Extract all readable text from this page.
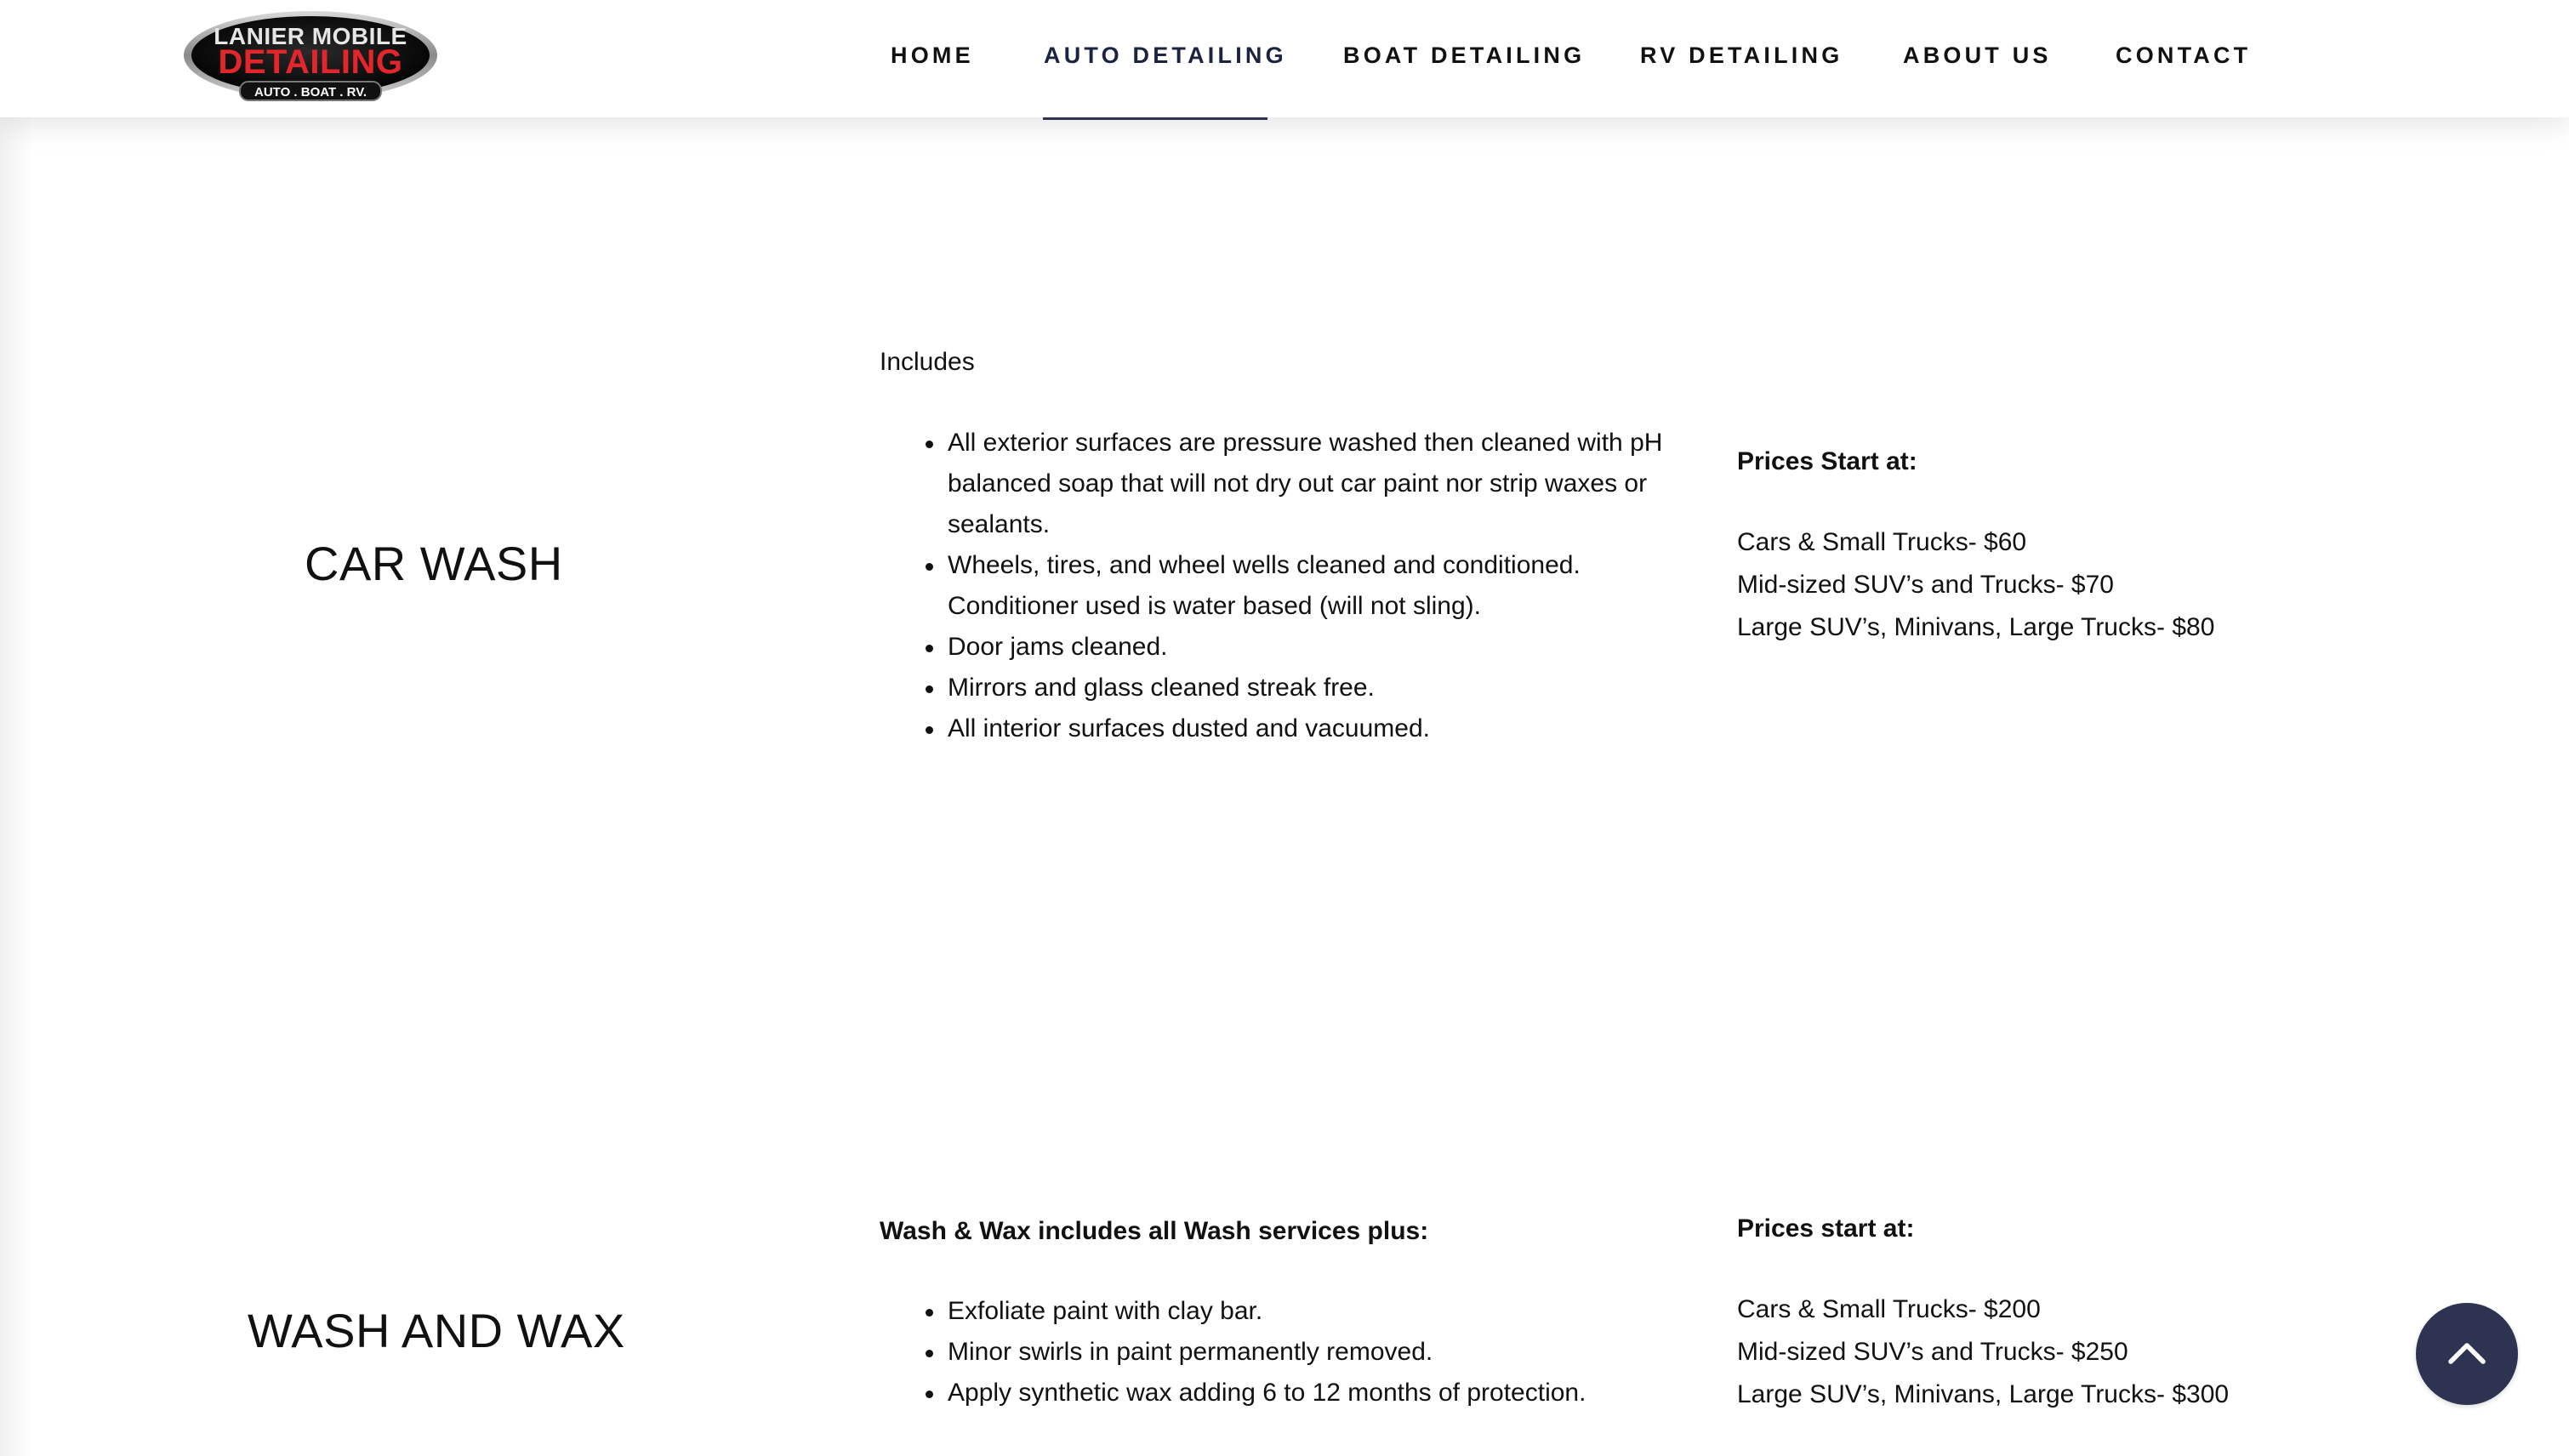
LANIER MOBILE
DETAILING
AUTO . BOAT . RV.
HOME	AUTO DETAILING BOAT DETAILING RV DETAILING	ABOUT US	CONTACT
CAR WASH

Includes

All exterior surfaces are pressure washed then cleaned with pH balanced soap that will not dry out car paint nor strip waxes or sealants.
Wheels, tires, and wheel wells cleaned and conditioned. Conditioner used is water based (will not sling).
Door jams cleaned.
Mirrors and glass cleaned streak free.
All interior surfaces dusted and vacuumed.

Prices Start at:

Cars & Small Trucks- $60
Mid-sized SUV’s and Trucks- $70
Large SUV’s, Minivans, Large Trucks- $80
WASH AND WAX

Wash & Wax includes all Wash services plus:

Exfoliate paint with clay bar.
Minor swirls in paint permanently removed.
Apply synthetic wax adding 6 to 12 months of protection.

Prices start at:

Cars & Small Trucks- $200
Mid-sized SUV’s and Trucks- $250
Large SUV’s, Minivans, Large Trucks- $300
